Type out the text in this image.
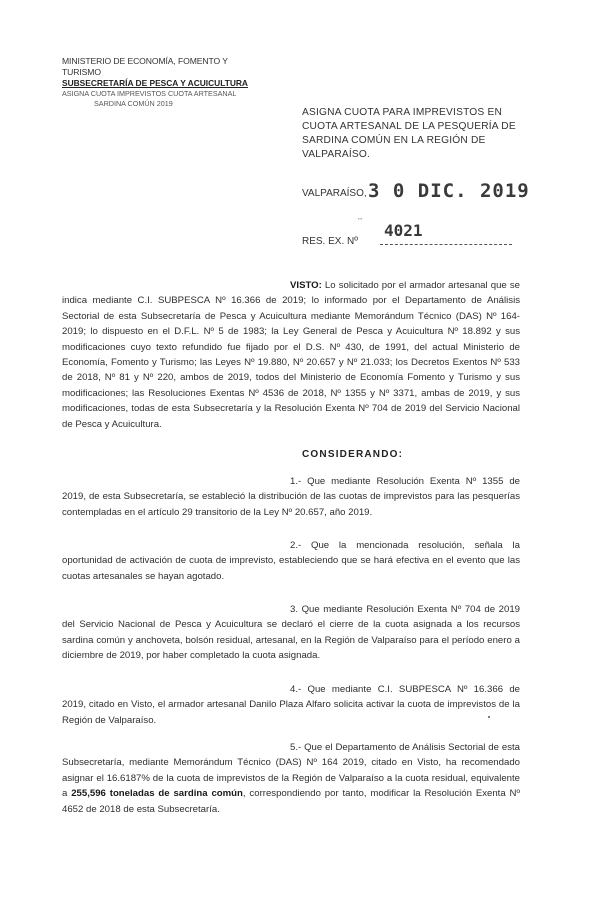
MINISTERIO DE ECONOMÍA, FOMENTO Y TURISMO
SUBSECRETARÍA DE PESCA Y ACUICULTURA
ASIGNA CUOTA IMPREVISTOS CUOTA ARTESANAL
SARDINA COMÚN 2019
ASIGNA CUOTA PARA IMPREVISTOS EN CUOTA ARTESANAL DE LA PESQUERÍA DE SARDINA COMÚN EN LA REGIÓN DE VALPARAÍSO.
VALPARAÍSO, 3 0 DIC. 2019
'''
RES. EX. Nº
4021
VISTO: Lo solicitado por el armador artesanal que se indica mediante C.I. SUBPESCA Nº 16.366 de 2019; lo informado por el Departamento de Análisis Sectorial de esta Subsecretaría de Pesca y Acuicultura mediante Memorándum Técnico (DAS) Nº 164-2019; lo dispuesto en el D.F.L. Nº 5 de 1983; la Ley General de Pesca y Acuicultura Nº 18.892 y sus modificaciones cuyo texto refundido fue fijado por el D.S. Nº 430, de 1991, del actual Ministerio de Economía, Fomento y Turismo; las Leyes Nº 19.880, Nº 20.657 y Nº 21.033; los Decretos Exentos Nº 533 de 2018, Nº 81 y Nº 220, ambos de 2019, todos del Ministerio de Economía Fomento y Turismo y sus modificaciones; las Resoluciones Exentas Nº 4536 de 2018, Nº 1355 y Nº 3371, ambas de 2019, y sus modificaciones, todas de esta Subsecretaría y la Resolución Exenta Nº 704 de 2019 del Servicio Nacional de Pesca y Acuicultura.
CONSIDERANDO:
1.- Que mediante Resolución Exenta Nº 1355 de 2019, de esta Subsecretaría, se estableció la distribución de las cuotas de imprevistos para las pesquerías contempladas en el artículo 29 transitorio de la Ley Nº 20.657, año 2019.
2.- Que la mencionada resolución, señala la oportunidad de activación de cuota de imprevisto, estableciendo que se hará efectiva en el evento que las cuotas artesanales se hayan agotado.
3. Que mediante Resolución Exenta Nº 704 de 2019 del Servicio Nacional de Pesca y Acuicultura se declaró el cierre de la cuota asignada a los recursos sardina común y anchoveta, bolsón residual, artesanal, en la Región de Valparaíso para el período enero a diciembre de 2019, por haber completado la cuota asignada.
4.- Que mediante C.I. SUBPESCA Nº 16.366 de 2019, citado en Visto, el armador artesanal Danilo Plaza Alfaro solicita activar la cuota de imprevistos de la Región de Valparaíso.
5.- Que el Departamento de Análisis Sectorial de esta Subsecretaría, mediante Memorándum Técnico (DAS) Nº 164 2019, citado en Visto, ha recomendado asignar el 16.6187% de la cuota de imprevistos de la Región de Valparaíso a la cuota residual, equivalente a 255,596 toneladas de sardina común, correspondiendo por tanto, modificar la Resolución Exenta Nº 4652 de 2018 de esta Subsecretaría.
